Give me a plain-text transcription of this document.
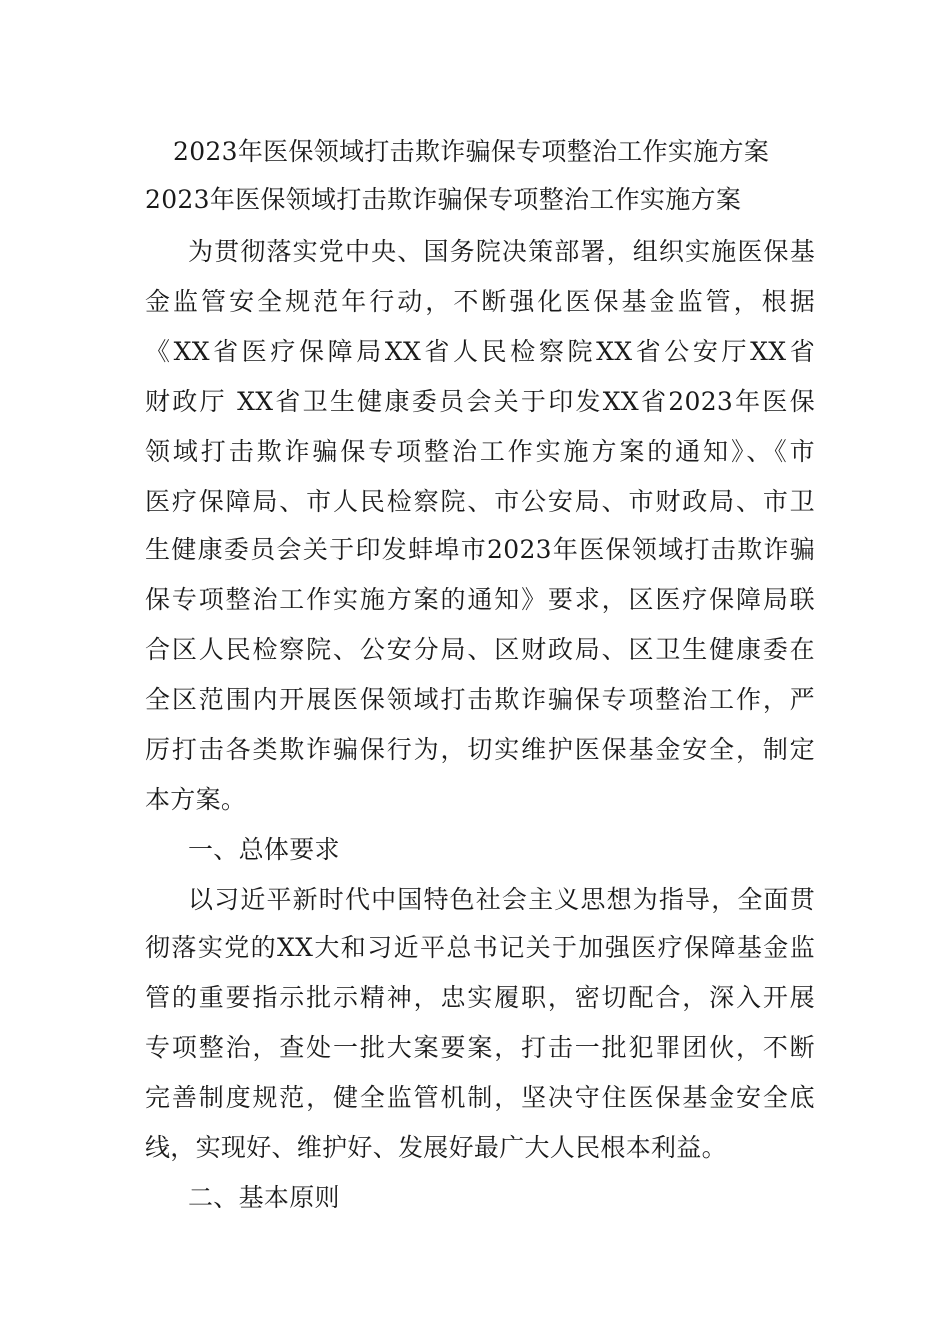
2023年医保领域打击欺诈骗保专项整治工作实施方案
2023年医保领域打击欺诈骗保专项整治工作实施方案
为贯彻落实党中央、国务院决策部署，组织实施医保基
金监管安全规范年行动，不断强化医保基金监管，根据
《XX省医疗保障局XX省人民检察院XX省公安厅XX省
财政厅 XX省卫生健康委员会关于印发XX省2023年医保
领域打击欺诈骗保专项整治工作实施方案的通知》、《市
医疗保障局、市人民检察院、市公安局、市财政局、市卫
生健康委员会关于印发蚌埠市2023年医保领域打击欺诈骗
保专项整治工作实施方案的通知》要求，区医疗保障局联
合区人民检察院、公安分局、区财政局、区卫生健康委在
全区范围内开展医保领域打击欺诈骗保专项整治工作，严
厉打击各类欺诈骗保行为，切实维护医保基金安全，制定
本方案。
一、总体要求
以习近平新时代中国特色社会主义思想为指导，全面贯
彻落实党的XX大和习近平总书记关于加强医疗保障基金监
管的重要指示批示精神，忠实履职，密切配合，深入开展
专项整治，查处一批大案要案，打击一批犯罪团伙，不断
完善制度规范，健全监管机制，坚决守住医保基金安全底
线，实现好、维护好、发展好最广大人民根本利益。
二、基本原则
